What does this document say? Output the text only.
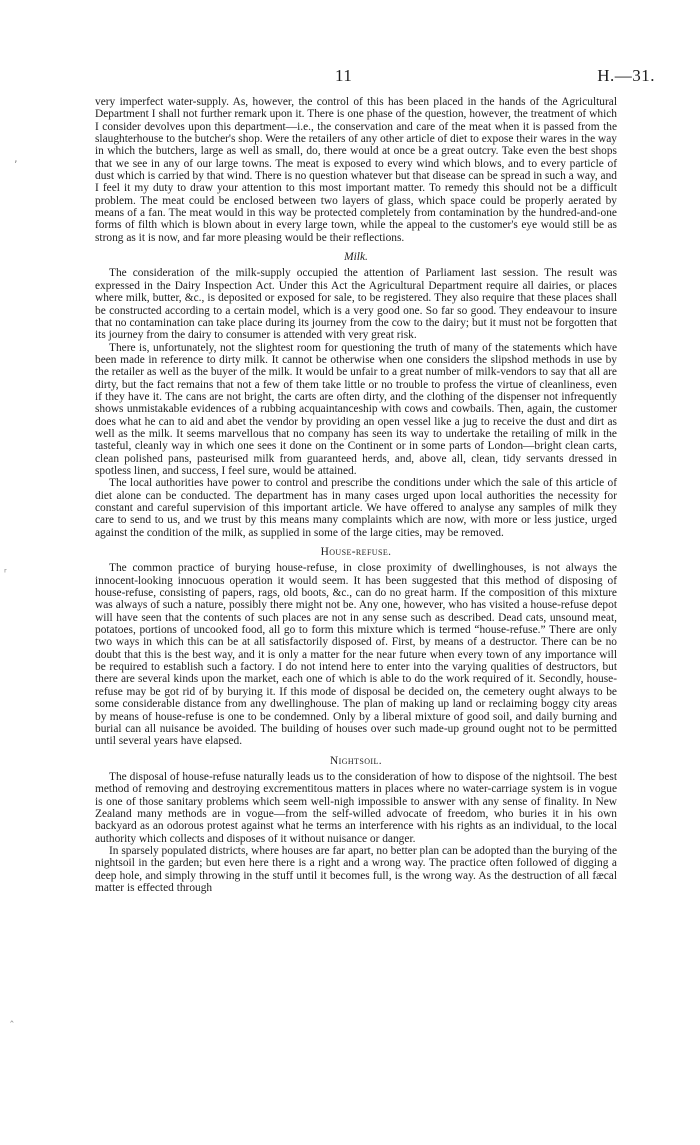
11	H.—31.
‚
ʳ
‸

very imperfect water-supply. As, however, the control of this has been placed in the hands of the Agricultural Department I shall not further remark upon it. There is one phase of the question, however, the treatment of which I consider devolves upon this department—i.e., the conservation and care of the meat when it is passed from the slaughterhouse to the butcher's shop. Were the retailers of any other article of diet to expose their wares in the way in which the butchers, large as well as small, do, there would at once be a great outcry. Take even the best shops that we see in any of our large towns. The meat is exposed to every wind which blows, and to every particle of dust which is carried by that wind. There is no question whatever but that disease can be spread in such a way, and I feel it my duty to draw your attention to this most important matter. To remedy this should not be a difficult problem. The meat could be enclosed between two layers of glass, which space could be properly aerated by means of a fan. The meat would in this way be protected completely from contamination by the hundred-and-one forms of filth which is blown about in every large town, while the appeal to the customer's eye would still be as strong as it is now, and far more pleasing would be their reflections.

Milk.

The consideration of the milk-supply occupied the attention of Parliament last session. The result was expressed in the Dairy Inspection Act. Under this Act the Agricultural Department require all dairies, or places where milk, butter, &c., is deposited or exposed for sale, to be registered. They also require that these places shall be constructed according to a certain model, which is a very good one. So far so good. They endeavour to insure that no contamination can take place during its journey from the cow to the dairy; but it must not be forgotten that its journey from the dairy to consumer is attended with very great risk.

There is, unfortunately, not the slightest room for questioning the truth of many of the statements which have been made in reference to dirty milk. It cannot be otherwise when one considers the slipshod methods in use by the retailer as well as the buyer of the milk. It would be unfair to a great number of milk-vendors to say that all are dirty, but the fact remains that not a few of them take little or no trouble to profess the virtue of cleanliness, even if they have it. The cans are not bright, the carts are often dirty, and the clothing of the dispenser not infrequently shows unmistakable evidences of a rubbing acquaintanceship with cows and cowbails. Then, again, the customer does what he can to aid and abet the vendor by providing an open vessel like a jug to receive the dust and dirt as well as the milk. It seems marvellous that no company has seen its way to undertake the retailing of milk in the tasteful, cleanly way in which one sees it done on the Continent or in some parts of London—bright clean carts, clean polished pans, pasteurised milk from guaranteed herds, and, above all, clean, tidy servants dressed in spotless linen, and success, I feel sure, would be attained.

The local authorities have power to control and prescribe the conditions under which the sale of this article of diet alone can be conducted. The department has in many cases urged upon local authorities the necessity for constant and careful supervision of this important article. We have offered to analyse any samples of milk they care to send to us, and we trust by this means many complaints which are now, with more or less justice, urged against the condition of the milk, as supplied in some of the large cities, may be removed.

House-refuse.

The common practice of burying house-refuse, in close proximity of dwellinghouses, is not always the innocent-looking innocuous operation it would seem. It has been suggested that this method of disposing of house-refuse, consisting of papers, rags, old boots, &c., can do no great harm. If the composition of this mixture was always of such a nature, possibly there might not be. Any one, however, who has visited a house-refuse depot will have seen that the contents of such places are not in any sense such as described. Dead cats, unsound meat, potatoes, portions of uncooked food, all go to form this mixture which is termed “house-refuse.” There are only two ways in which this can be at all satisfactorily disposed of. First, by means of a destructor. There can be no doubt that this is the best way, and it is only a matter for the near future when every town of any importance will be required to establish such a factory. I do not intend here to enter into the varying qualities of destructors, but there are several kinds upon the market, each one of which is able to do the work required of it. Secondly, house-refuse may be got rid of by burying it. If this mode of disposal be decided on, the cemetery ought always to be some considerable distance from any dwellinghouse. The plan of making up land or reclaiming boggy city areas by means of house-refuse is one to be condemned. Only by a liberal mixture of good soil, and daily burning and burial can all nuisance be avoided. The building of houses over such made-up ground ought not to be permitted until several years have elapsed.

Nightsoil.

The disposal of house-refuse naturally leads us to the consideration of how to dispose of the nightsoil. The best method of removing and destroying excrementitous matters in places where no water-carriage system is in vogue is one of those sanitary problems which seem well-nigh impossible to answer with any sense of finality. In New Zealand many methods are in vogue—from the self-willed advocate of freedom, who buries it in his own backyard as an odorous protest against what he terms an interference with his rights as an individual, to the local authority which collects and disposes of it without nuisance or danger.

In sparsely populated districts, where houses are far apart, no better plan can be adopted than the burying of the nightsoil in the garden; but even here there is a right and a wrong way. The practice often followed of digging a deep hole, and simply throwing in the stuff until it becomes full, is the wrong way. As the destruction of all fæcal matter is effected through
